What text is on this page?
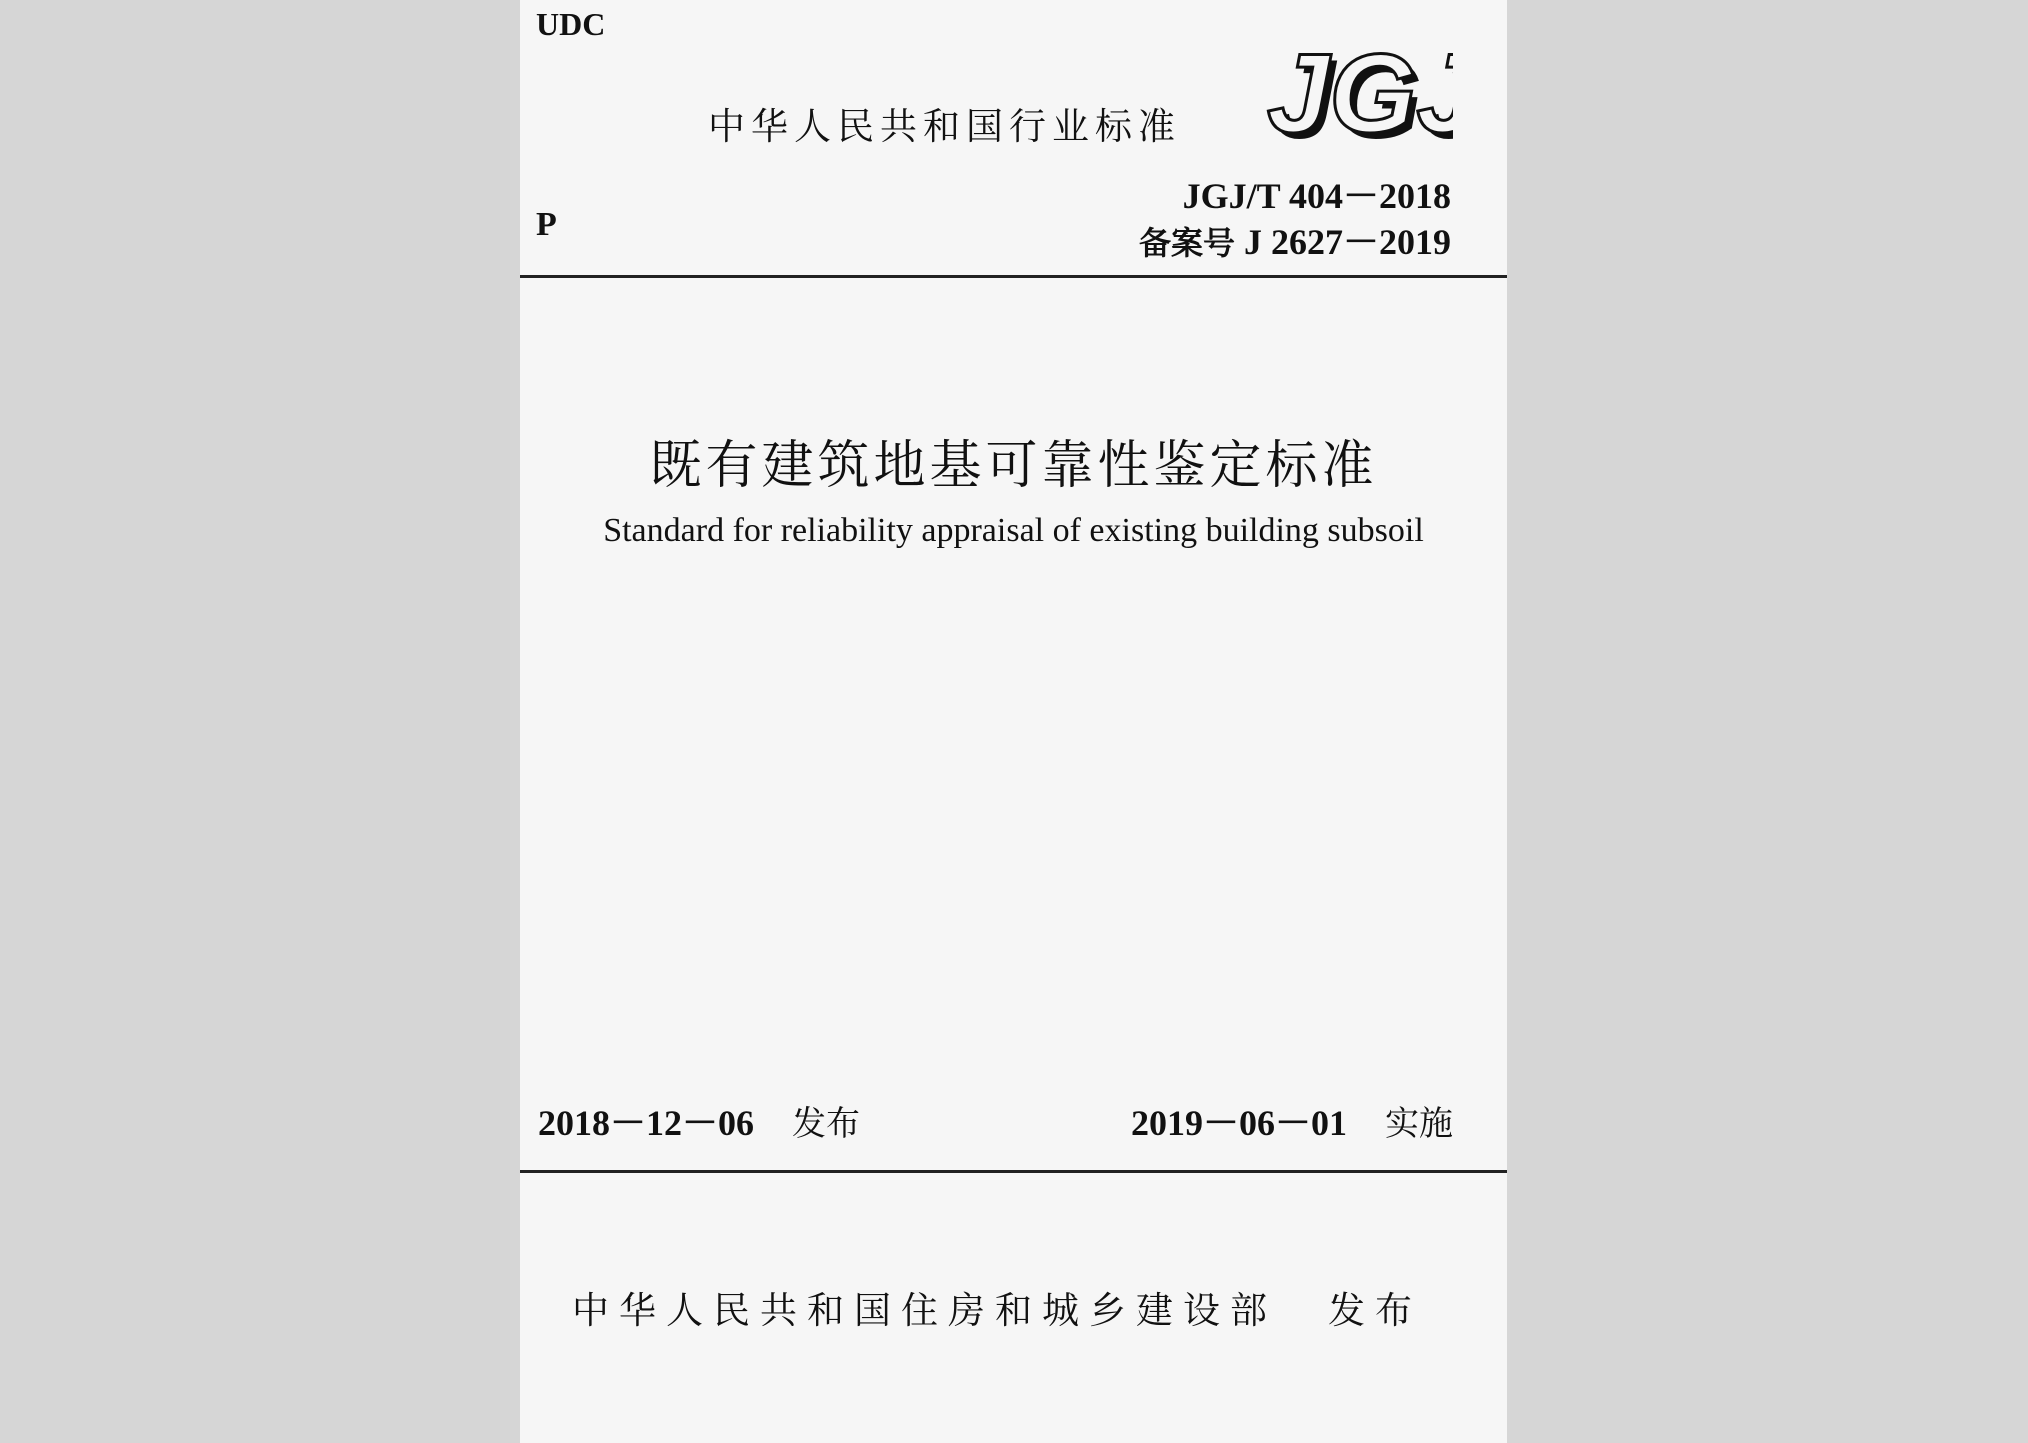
UDC
中华人民共和国行业标准 JG
JG
JGJ/T 404－2018
备案号 J 2627－2019
P
既有建筑地基可靠性鉴定标准
Standard for reliability appraisal of existing building subsoil
2018－12－06 发布	2019－06－01 实施
中华人民共和国住房和城乡建设部 发布
